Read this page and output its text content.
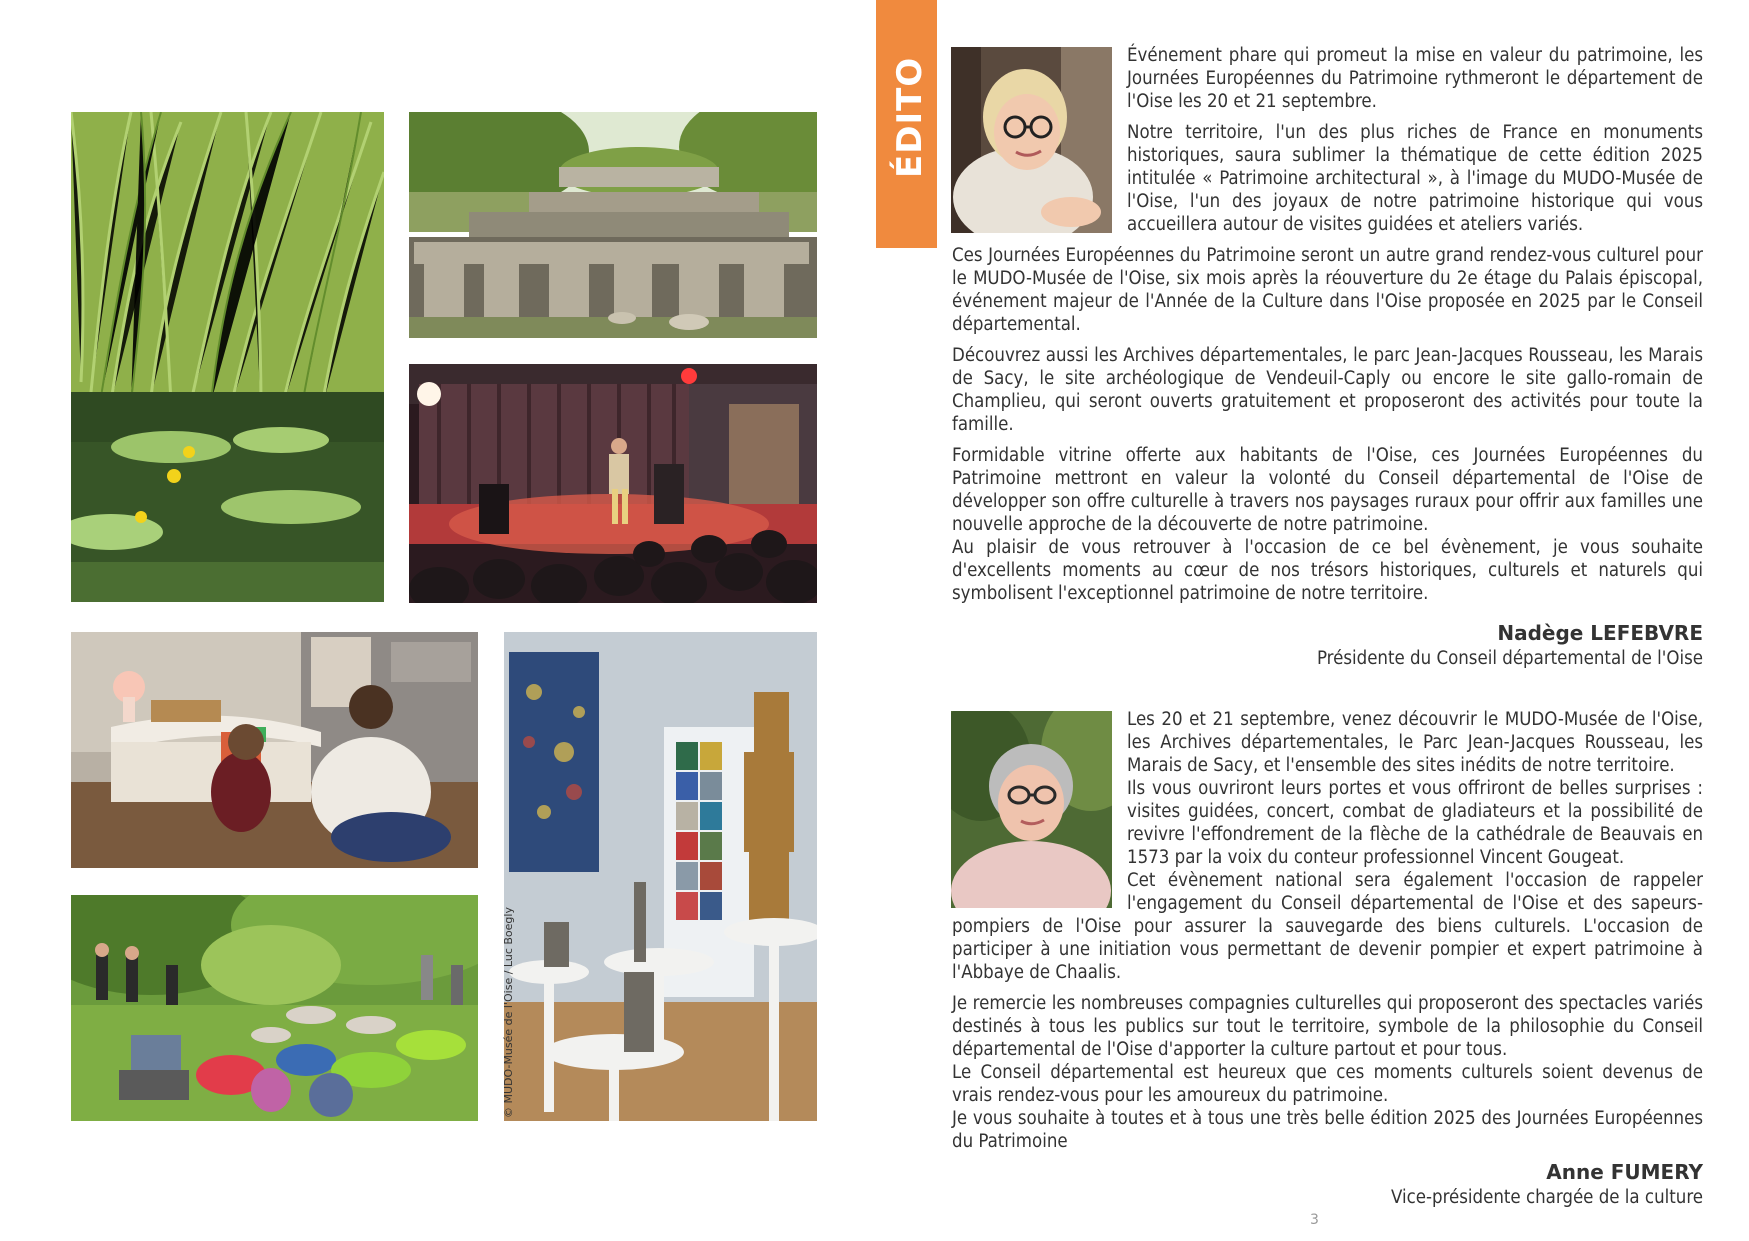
© MUDO-Musée de l'Oise / Luc Boegly
ÉDITO

Événement phare qui promeut la mise en valeur du patrimoine, les Journées Européennes du Patrimoine rythmeront le département de l'Oise les 20 et 21 septembre.

Notre territoire, l'un des plus riches de France en monuments historiques, saura sublimer la thématique de cette édition 2025 intitulée « Patrimoine architectural », à l'image du MUDO-Musée de l'Oise, l'un des joyaux de notre patrimoine historique qui vous accueillera autour de visites guidées et ateliers variés.

Ces Journées Européennes du Patrimoine seront un autre grand rendez-vous culturel pour le MUDO-Musée de l'Oise, six mois après la réouverture du 2e étage du Palais épiscopal, événement majeur de l'Année de la Culture dans l'Oise proposée en 2025 par le Conseil départemental.

Découvrez aussi les Archives départementales, le parc Jean-Jacques Rousseau, les Marais de Sacy, le site archéologique de Vendeuil-Caply ou encore le site gallo-romain de Champlieu, qui seront ouverts gratuitement et proposeront des activités pour toute la famille.

Formidable vitrine offerte aux habitants de l'Oise, ces Journées Européennes du Patrimoine mettront en valeur la volonté du Conseil départemental de l'Oise de développer son offre culturelle à travers nos paysages ruraux pour offrir aux familles une nouvelle approche de la découverte de notre patrimoine.

Au plaisir de vous retrouver à l'occasion de ce bel évènement, je vous souhaite d'excellents moments au cœur de nos trésors historiques, culturels et naturels qui symbolisent l'exceptionnel patrimoine de notre territoire.

Nadège LEFEBVRE
Présidente du Conseil départemental de l'Oise

Les 20 et 21 septembre, venez découvrir le MUDO-Musée de l'Oise, les Archives départementales, le Parc Jean-Jacques Rousseau, les Marais de Sacy, et l'ensemble des sites inédits de notre territoire.

Ils vous ouvriront leurs portes et vous offriront de belles surprises : visites guidées, concert, combat de gladiateurs et la possibilité de revivre l'effondrement de la flèche de la cathédrale de Beauvais en 1573 par la voix du conteur professionnel Vincent Gougeat.

Cet évènement national sera également l'occasion de rappeler l'engagement du Conseil départemental de l'Oise et des sapeurs-pompiers de l'Oise pour assurer la sauvegarde des biens culturels. L'occasion de participer à une initiation vous permettant de devenir pompier et expert patrimoine à l'Abbaye de Chaalis.

Je remercie les nombreuses compagnies culturelles qui proposeront des spectacles variés destinés à tous les publics sur tout le territoire, symbole de la philosophie du Conseil départemental de l'Oise d'apporter la culture partout et pour tous.

Le Conseil départemental est heureux que ces moments culturels soient devenus de vrais rendez-vous pour les amoureux du patrimoine.

Je vous souhaite à toutes et à tous une très belle édition 2025 des Journées Européennes du Patrimoine

Anne FUMERY
Vice-présidente chargée de la culture
3
